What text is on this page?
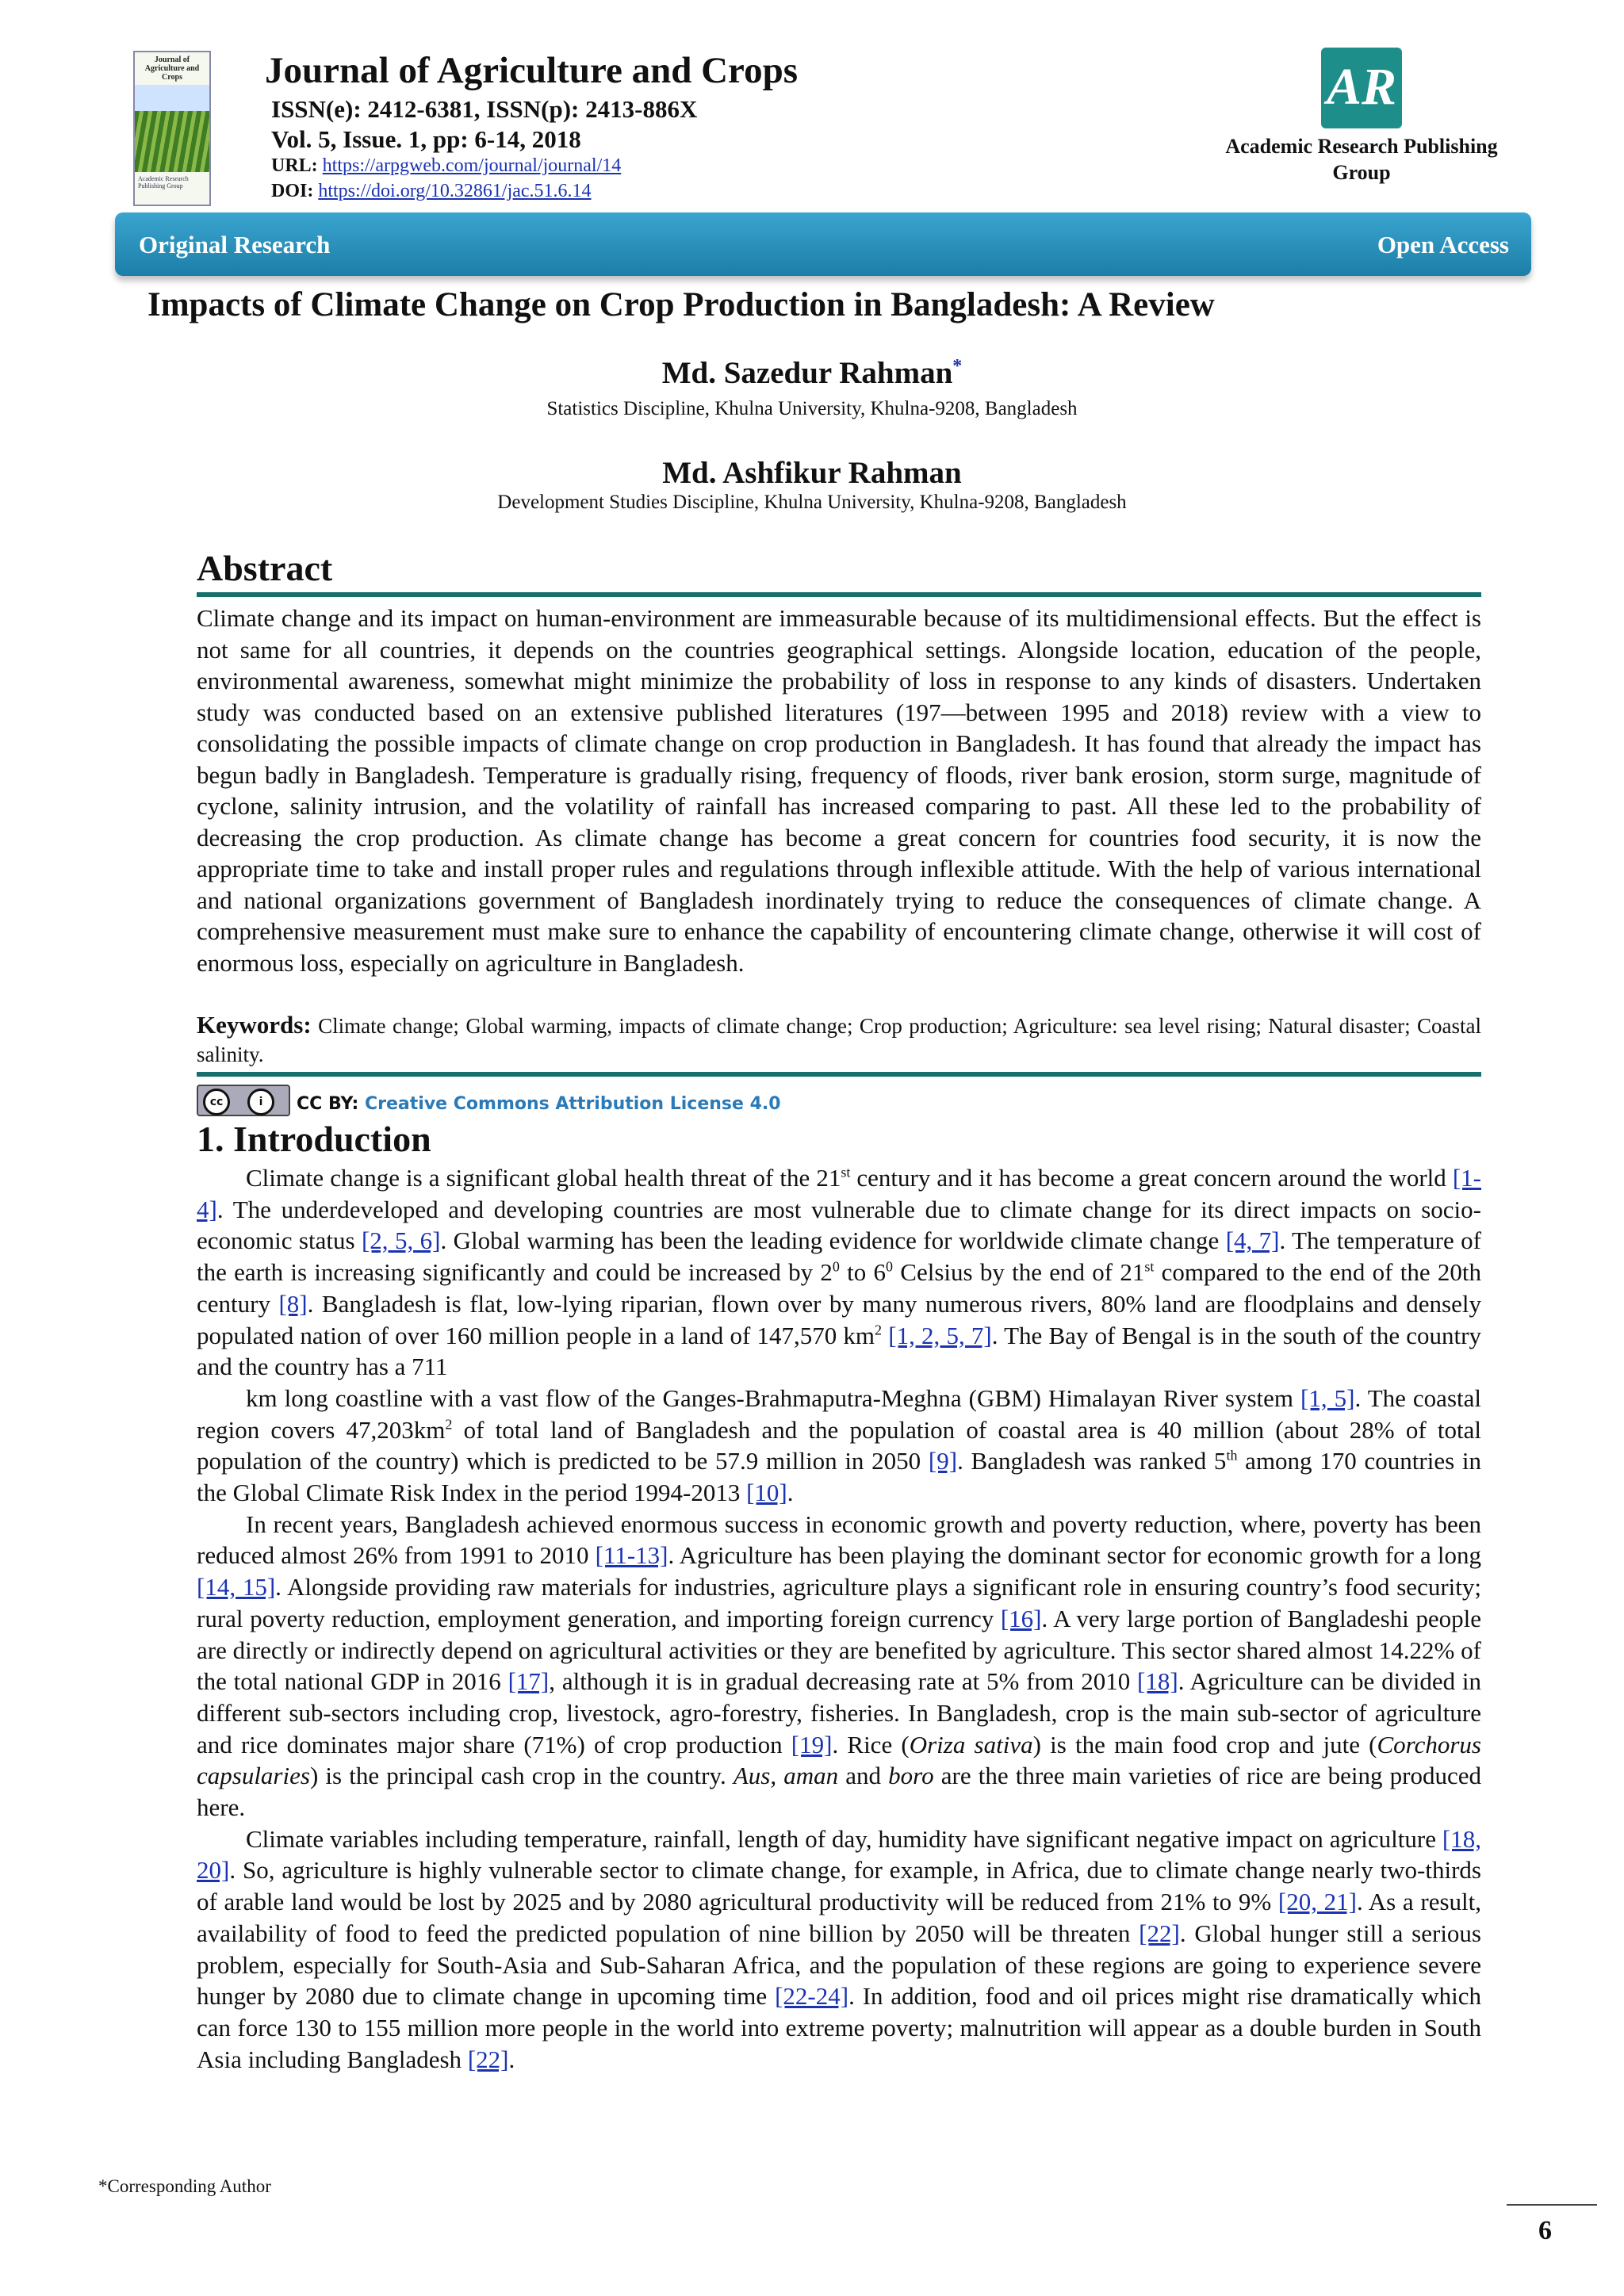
Journal of Agriculture and Crops
Academic Research Publishing Group
Journal of Agriculture and Crops
ISSN(e): 2412-6381, ISSN(p): 2413-886X
Vol. 5, Issue. 1, pp: 6-14, 2018
URL: https://arpgweb.com/journal/journal/14
DOI: https://doi.org/10.32861/jac.51.6.14
AR
Academic Research Publishing Group
Original Research	Open Access
Impacts of Climate Change on Crop Production in Bangladesh: A Review
Md. Sazedur Rahman*
Statistics Discipline, Khulna University, Khulna-9208, Bangladesh
Md. Ashfikur Rahman
Development Studies Discipline, Khulna University, Khulna-9208, Bangladesh
Abstract
Climate change and its impact on human-environment are immeasurable because of its multidimensional effects. But the effect is not same for all countries, it depends on the countries geographical settings. Alongside location, education of the people, environmental awareness, somewhat might minimize the probability of loss in response to any kinds of disasters. Undertaken study was conducted based on an extensive published literatures (197—between 1995 and 2018) review with a view to consolidating the possible impacts of climate change on crop production in Bangladesh. It has found that already the impact has begun badly in Bangladesh. Temperature is gradually rising, frequency of floods, river bank erosion, storm surge, magnitude of cyclone, salinity intrusion, and the volatility of rainfall has increased comparing to past. All these led to the probability of decreasing the crop production. As climate change has become a great concern for countries food security, it is now the appropriate time to take and install proper rules and regulations through inflexible attitude. With the help of various international and national organizations government of Bangladesh inordinately trying to reduce the consequences of climate change. A comprehensive measurement must make sure to enhance the capability of encountering climate change, otherwise it will cost of enormous loss, especially on agriculture in Bangladesh.
Keywords: Climate change; Global warming, impacts of climate change; Crop production; Agriculture: sea level rising; Natural disaster; Coastal salinity.
cc	i	CC BY: Creative Commons Attribution License 4.0
1. Introduction

Climate change is a significant global health threat of the 21st century and it has become a great concern around the world [1-4]. The underdeveloped and developing countries are most vulnerable due to climate change for its direct impacts on socio-economic status [2, 5, 6]. Global warming has been the leading evidence for worldwide climate change [4, 7]. The temperature of the earth is increasing significantly and could be increased by $2^0$ to $6^0$ Celsius by the end of 21st compared to the end of the 20th century [8]. Bangladesh is flat, low-lying riparian, flown over by many numerous rivers, 80% land are floodplains and densely populated nation of over 160 million people in a land of 147,570 $km^2$ [1, 2, 5, 7]. The Bay of Bengal is in the south of the country and the country has a 711

km long coastline with a vast flow of the Ganges-Brahmaputra-Meghna (GBM) Himalayan River system [1, 5]. The coastal region covers $47,203km^2$ of total land of Bangladesh and the population of coastal area is 40 million (about 28% of total population of the country) which is predicted to be 57.9 million in 2050 [9]. Bangladesh was ranked 5th among 170 countries in the Global Climate Risk Index in the period 1994-2013 [10].

In recent years, Bangladesh achieved enormous success in economic growth and poverty reduction, where, poverty has been reduced almost 26% from 1991 to 2010 [11-13]. Agriculture has been playing the dominant sector for economic growth for a long [14, 15]. Alongside providing raw materials for industries, agriculture plays a significant role in ensuring country’s food security; rural poverty reduction, employment generation, and importing foreign currency [16]. A very large portion of Bangladeshi people are directly or indirectly depend on agricultural activities or they are benefited by agriculture. This sector shared almost 14.22% of the total national GDP in 2016 [17], although it is in gradual decreasing rate at 5% from 2010 [18]. Agriculture can be divided in different sub-sectors including crop, livestock, agro-forestry, fisheries. In Bangladesh, crop is the main sub-sector of agriculture and rice dominates major share (71%) of crop production [19]. Rice (Oriza sativa) is the main food crop and jute (Corchorus capsularies) is the principal cash crop in the country. Aus, aman and boro are the three main varieties of rice are being produced here.

Climate variables including temperature, rainfall, length of day, humidity have significant negative impact on agriculture [18, 20]. So, agriculture is highly vulnerable sector to climate change, for example, in Africa, due to climate change nearly two-thirds of arable land would be lost by 2025 and by 2080 agricultural productivity will be reduced from 21% to 9% [20, 21]. As a result, availability of food to feed the predicted population of nine billion by 2050 will be threaten [22]. Global hunger still a serious problem, especially for South-Asia and Sub-Saharan Africa, and the population of these regions are going to experience severe hunger by 2080 due to climate change in upcoming time [22-24]. In addition, food and oil prices might rise dramatically which can force 130 to 155 million more people in the world into extreme poverty; malnutrition will appear as a double burden in South Asia including Bangladesh [22].

*Corresponding Author
6
